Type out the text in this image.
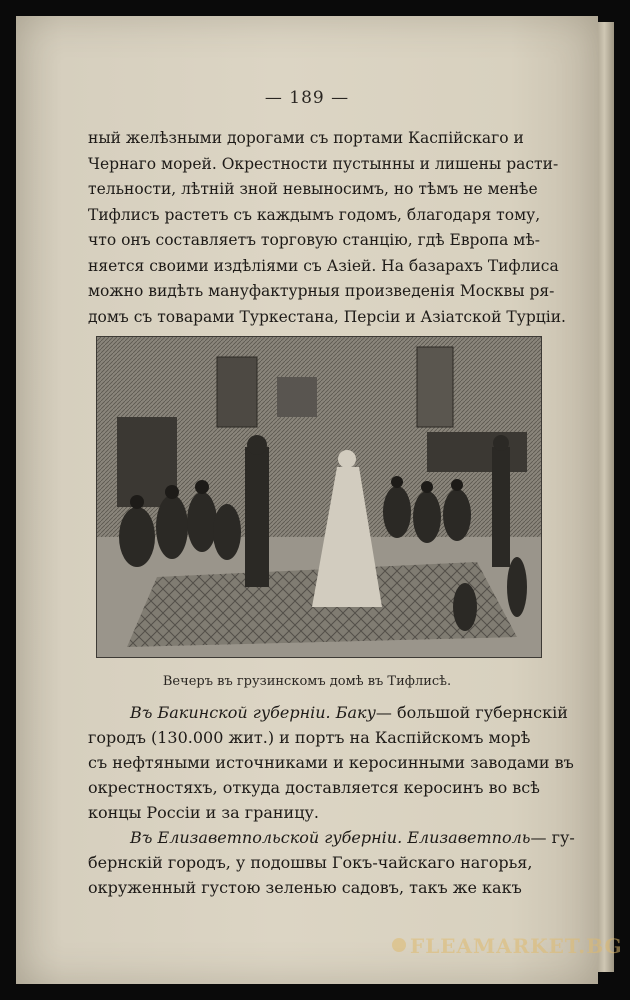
— 189 —
ный желѣзными дорогами съ портами Каспійскаго и
Чернаго морей. Окрестности пустынны и лишены расти-
тельности, лѣтній зной невыносимъ, но тѣмъ не менѣе
Тифлисъ растетъ съ каждымъ годомъ, благодаря тому,
что онъ составляетъ торговую станцію, гдѣ Европа мѣ-
няется своими издѣліями съ Азіей. На базарахъ Тифлиса
можно видѣть мануфактурныя произведенія Москвы ря-
домъ съ товарами Туркестана, Персіи и Азіатской Турціи.
Вечеръ въ грузинскомъ домѣ въ Тифлисѣ.
Въ Бакинской губерніи. Баку— большой губернскій
городъ (130.000 жит.) и портъ на Каспійскомъ морѣ
съ нефтяными источниками и керосинными заводами въ
окрестностяхъ, откуда доставляется керосинъ во всѣ
концы Россіи и за границу.
Въ Елизаветпольской губерніи. Елизаветполь— гу-
бернскій городъ, у подошвы Гокъ-чайскаго нагорья,
окруженный густою зеленью садовъ, такъ же какъ
FLEAMARKET.BG
